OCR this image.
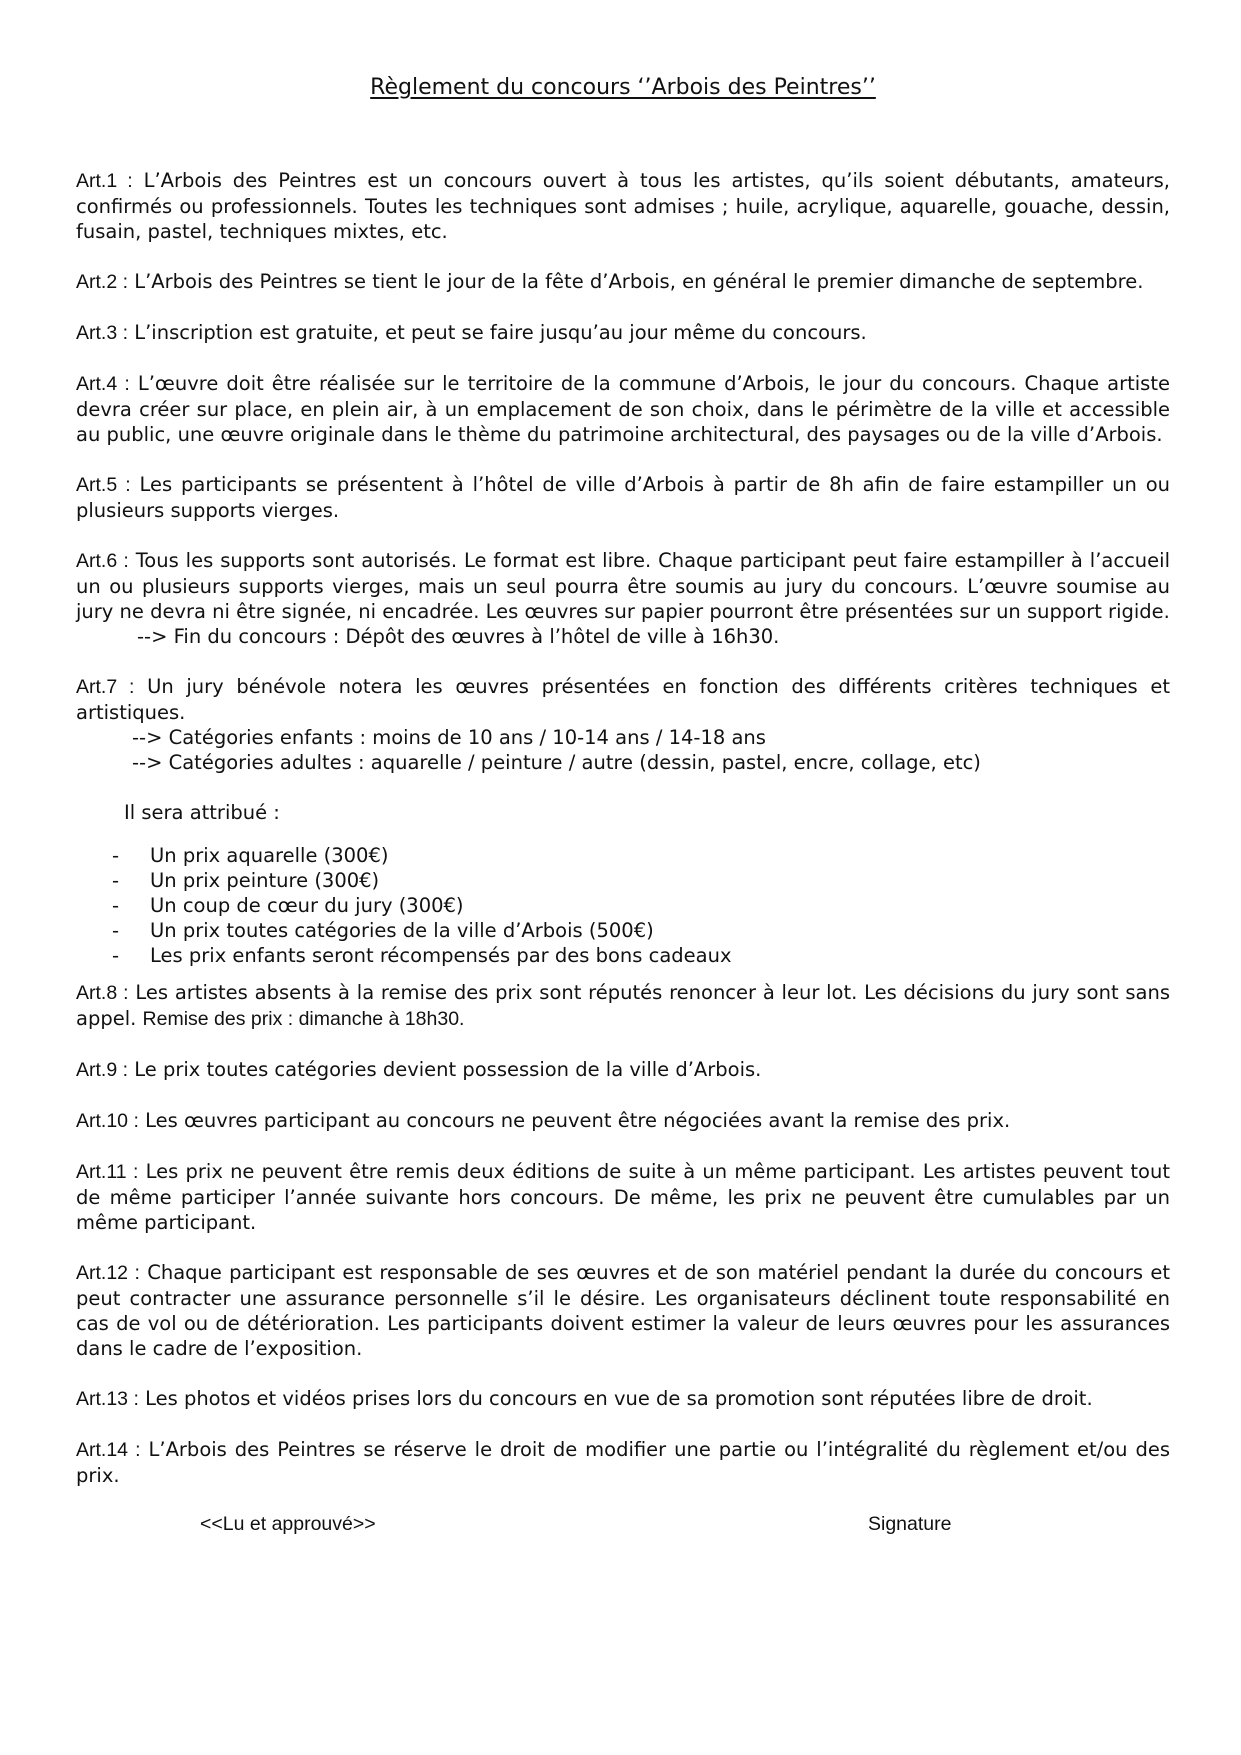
Règlement du concours ‘’Arbois des Peintres’’

Art.1 : L’Arbois des Peintres est un concours ouvert à tous les artistes, qu’ils soient débutants, amateurs, confirmés ou professionnels. Toutes les techniques sont admises ; huile, acrylique, aquarelle, gouache, dessin, fusain, pastel, techniques mixtes, etc.

Art.2 : L’Arbois des Peintres se tient le jour de la fête d’Arbois, en général le premier dimanche de septembre.

Art.3 : L’inscription est gratuite, et peut se faire jusqu’au jour même du concours.

Art.4 : L’œuvre doit être réalisée sur le territoire de la commune d’Arbois, le jour du concours. Chaque artiste devra créer sur place, en plein air, à un emplacement de son choix, dans le périmètre de la ville et accessible au public, une œuvre originale dans le thème du patrimoine architectural, des paysages ou de la ville d’Arbois.

Art.5 : Les participants se présentent à l’hôtel de ville d’Arbois à partir de 8h afin de faire estampiller un ou plusieurs supports vierges.

Art.6 : Tous les supports sont autorisés. Le format est libre. Chaque participant peut faire estampiller à l’accueil un ou plusieurs supports vierges, mais un seul pourra être soumis au jury du concours. L’œuvre soumise au jury ne devra ni être signée, ni encadrée. Les œuvres sur papier pourront être présentées sur un support rigide.
--> Fin du concours : Dépôt des œuvres à l’hôtel de ville à 16h30.

Art.7 : Un jury bénévole notera les œuvres présentées en fonction des différents critères techniques et artistiques.
--> Catégories enfants : moins de 10 ans / 10-14 ans / 14-18 ans
--> Catégories adultes : aquarelle / peinture / autre (dessin, pastel, encre, collage, etc)

Il sera attribué :

- Un prix aquarelle (300€)
- Un prix peinture (300€)
- Un coup de cœur du jury (300€)
- Un prix toutes catégories de la ville d’Arbois (500€)
- Les prix enfants seront récompensés par des bons cadeaux

Art.8 : Les artistes absents à la remise des prix sont réputés renoncer à leur lot. Les décisions du jury sont sans appel. Remise des prix : dimanche à 18h30.

Art.9 : Le prix toutes catégories devient possession de la ville d’Arbois.

Art.10 : Les œuvres participant au concours ne peuvent être négociées avant la remise des prix.

Art.11 : Les prix ne peuvent être remis deux éditions de suite à un même participant. Les artistes peuvent tout de même participer l’année suivante hors concours. De même, les prix ne peuvent être cumulables par un même participant.

Art.12 : Chaque participant est responsable de ses œuvres et de son matériel pendant la durée du concours et peut contracter une assurance personnelle s’il le désire. Les organisateurs déclinent toute responsabilité en cas de vol ou de détérioration. Les participants doivent estimer la valeur de leurs œuvres pour les assurances dans le cadre de l’exposition.

Art.13 : Les photos et vidéos prises lors du concours en vue de sa promotion sont réputées libre de droit.

Art.14 : L’Arbois des Peintres se réserve le droit de modifier une partie ou l’intégralité du règlement et/ou des prix.

<<Lu et approuvé>>	Signature
